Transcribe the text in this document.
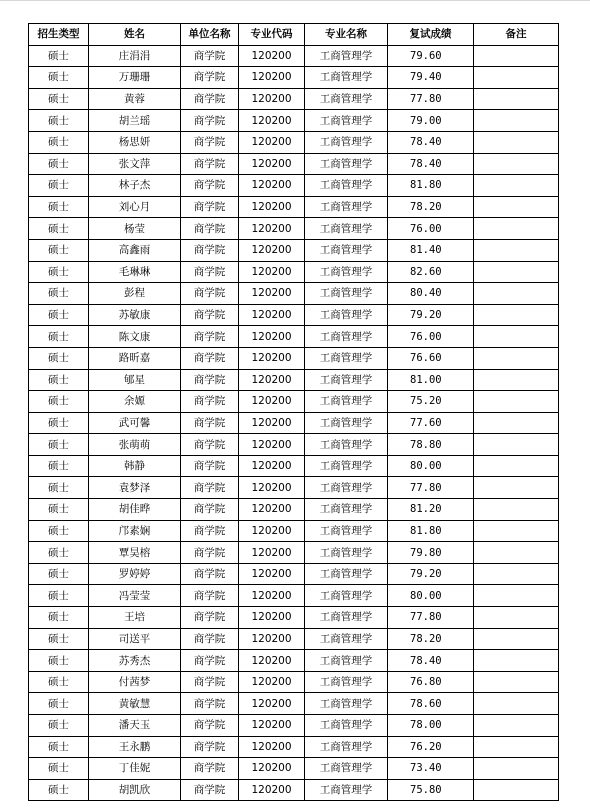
招生类型	姓名	单位名称	专业代码	专业名称	复试成绩	备注
硕士	庄涓涓	商学院	120200	工商管理学	79.60	
硕士	万珊珊	商学院	120200	工商管理学	79.40	
硕士	黄蓉	商学院	120200	工商管理学	77.80	
硕士	胡兰瑶	商学院	120200	工商管理学	79.00	
硕士	杨思妍	商学院	120200	工商管理学	78.40	
硕士	张文萍	商学院	120200	工商管理学	78.40	
硕士	林子杰	商学院	120200	工商管理学	81.80	
硕士	刘心月	商学院	120200	工商管理学	78.20	
硕士	杨莹	商学院	120200	工商管理学	76.00	
硕士	高鑫雨	商学院	120200	工商管理学	81.40	
硕士	毛琳琳	商学院	120200	工商管理学	82.60	
硕士	彭程	商学院	120200	工商管理学	80.40	
硕士	苏敏康	商学院	120200	工商管理学	79.20	
硕士	陈文康	商学院	120200	工商管理学	76.00	
硕士	路昕嘉	商学院	120200	工商管理学	76.60	
硕士	郇星	商学院	120200	工商管理学	81.00	
硕士	余嫄	商学院	120200	工商管理学	75.20	
硕士	武可馨	商学院	120200	工商管理学	77.60	
硕士	张萌萌	商学院	120200	工商管理学	78.80	
硕士	韩静	商学院	120200	工商管理学	80.00	
硕士	袁梦泽	商学院	120200	工商管理学	77.80	
硕士	胡佳晔	商学院	120200	工商管理学	81.20	
硕士	邝素娴	商学院	120200	工商管理学	81.80	
硕士	覃昊榕	商学院	120200	工商管理学	79.80	
硕士	罗婷婷	商学院	120200	工商管理学	79.20	
硕士	冯莹莹	商学院	120200	工商管理学	80.00	
硕士	王培	商学院	120200	工商管理学	77.80	
硕士	司送平	商学院	120200	工商管理学	78.20	
硕士	苏秀杰	商学院	120200	工商管理学	78.40	
硕士	付茜梦	商学院	120200	工商管理学	76.80	
硕士	黄敏慧	商学院	120200	工商管理学	78.60	
硕士	潘天玉	商学院	120200	工商管理学	78.00	
硕士	王永鹏	商学院	120200	工商管理学	76.20	
硕士	丁佳妮	商学院	120200	工商管理学	73.40	
硕士	胡凯欣	商学院	120200	工商管理学	75.80	
